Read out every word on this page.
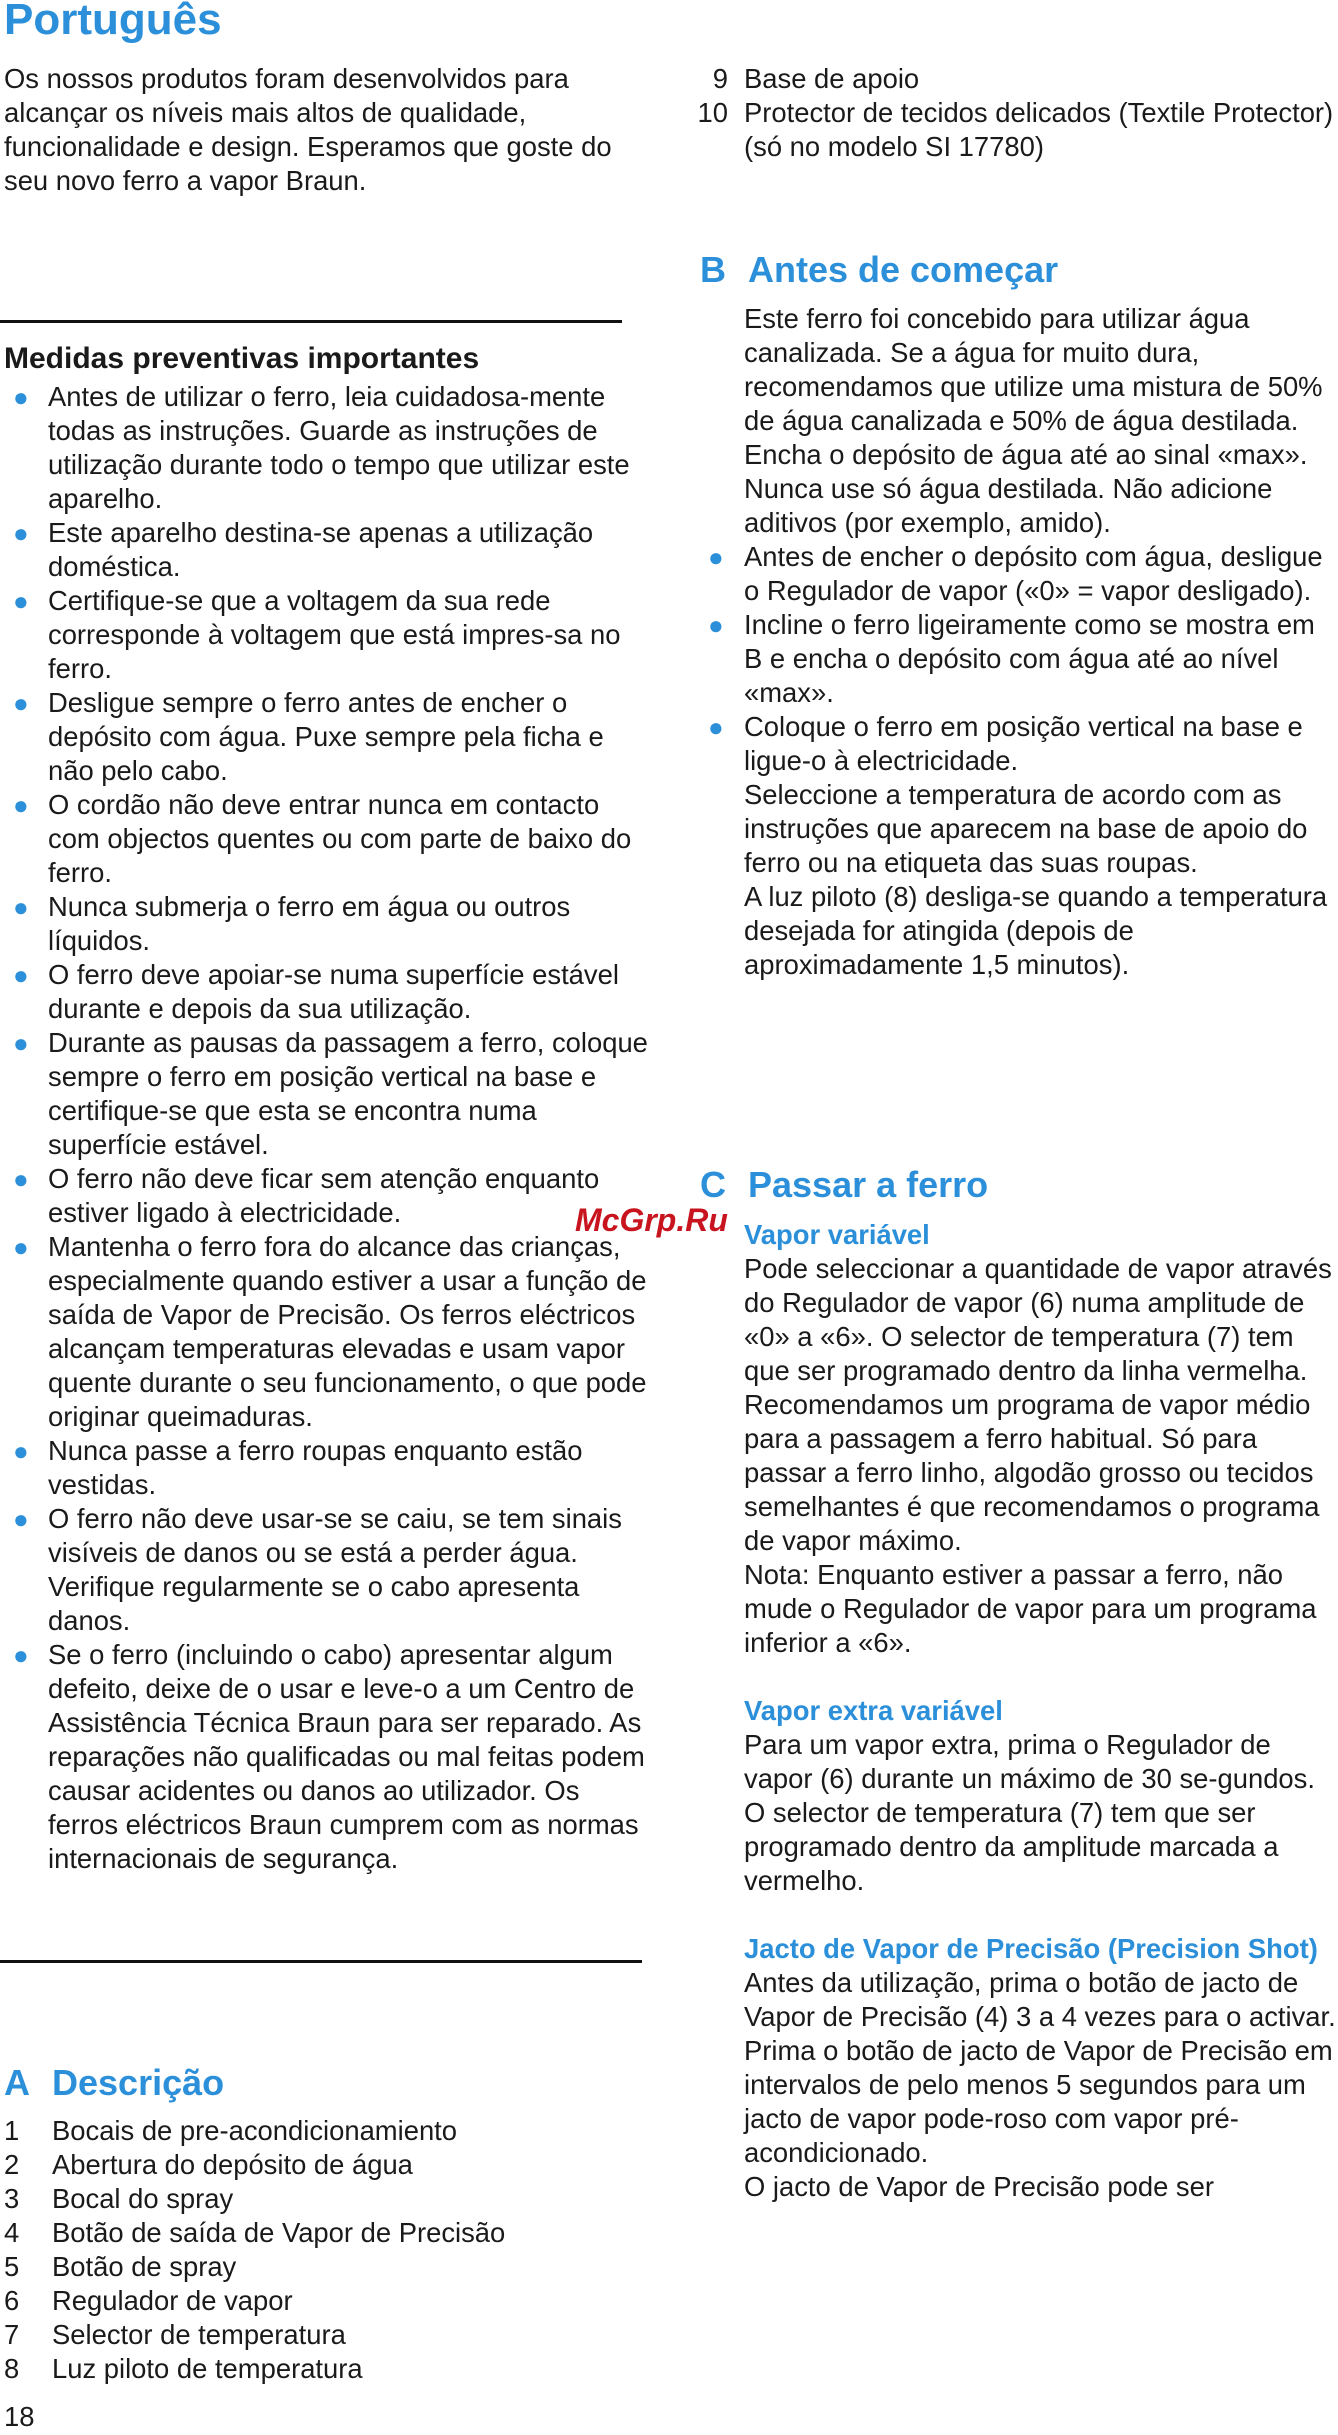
Português
Os nossos produtos foram desenvolvidos para alcançar os níveis mais altos de qualidade, funcionalidade e design. Esperamos que goste do seu novo ferro a vapor Braun.
Medidas preventivas importantes
● Antes de utilizar o ferro, leia cuidadosa-mente todas as instruções. Guarde as instruções de utilização durante todo o tempo que utilizar este aparelho.
● Este aparelho destina-se apenas a utilização doméstica.
● Certifique-se que a voltagem da sua rede corresponde à voltagem que está impres-sa no ferro.
● Desligue sempre o ferro antes de encher o depósito com água. Puxe sempre pela ficha e não pelo cabo.
● O cordão não deve entrar nunca em contacto com objectos quentes ou com parte de baixo do ferro.
● Nunca submerja o ferro em água ou outros líquidos.
● O ferro deve apoiar-se numa superfície estável durante e depois da sua utilização.
● Durante as pausas da passagem a ferro, coloque sempre o ferro em posição vertical na base e certifique-se que esta se encontra numa superfície estável.
● O ferro não deve ficar sem atenção enquanto estiver ligado à electricidade.
● Mantenha o ferro fora do alcance das crianças, especialmente quando estiver a usar a função de saída de Vapor de Precisão. Os ferros eléctricos alcançam temperaturas elevadas e usam vapor quente durante o seu funcionamento, o que pode originar queimaduras.
● Nunca passe a ferro roupas enquanto estão vestidas.
● O ferro não deve usar-se se caiu, se tem sinais visíveis de danos ou se está a perder água. Verifique regularmente se o cabo apresenta danos.
● Se o ferro (incluindo o cabo) apresentar algum defeito, deixe de o usar e leve-o a um Centro de Assistência Técnica Braun para ser reparado. As reparações não qualificadas ou mal feitas podem causar acidentes ou danos ao utilizador. Os ferros eléctricos Braun cumprem com as normas internacionais de segurança.
A Descrição
1	Bocais de pre-acondicionamiento
2	Abertura do depósito de água
3	Bocal do spray
4	Botão de saída de Vapor de Precisão
5	Botão de spray
6	Regulador de vapor
7	Selector de temperatura
8	Luz piloto de temperatura
18
9 Base de apoio
10 Protector de tecidos delicados (Textile Protector) (só no modelo SI 17780)
B Antes de começar
Este ferro foi concebido para utilizar água canalizada. Se a água for muito dura, recomendamos que utilize uma mistura de 50% de água canalizada e 50% de água destilada. Encha o depósito de água até ao sinal «max». Nunca use só água destilada. Não adicione aditivos (por exemplo, amido).
● Antes de encher o depósito com água, desligue o Regulador de vapor («0» = vapor desligado).
● Incline o ferro ligeiramente como se mostra em B e encha o depósito com água até ao nível «max».
● Coloque o ferro em posição vertical na base e ligue-o à electricidade.
Seleccione a temperatura de acordo com as instruções que aparecem na base de apoio do ferro ou na etiqueta das suas roupas.
A luz piloto (8) desliga-se quando a temperatura desejada for atingida (depois de aproximadamente 1,5 minutos).
C Passar a ferro
Vapor variável
Pode seleccionar a quantidade de vapor através do Regulador de vapor (6) numa amplitude de «0» a «6». O selector de temperatura (7) tem que ser programado dentro da linha vermelha.
Recomendamos um programa de vapor médio para a passagem a ferro habitual. Só para passar a ferro linho, algodão grosso ou tecidos semelhantes é que recomendamos o programa de vapor máximo.
Nota: Enquanto estiver a passar a ferro, não mude o Regulador de vapor para um programa inferior a «6».
Vapor extra variável
Para um vapor extra, prima o Regulador de vapor (6) durante un máximo de 30 se-gundos.
O selector de temperatura (7) tem que ser programado dentro da amplitude marcada a vermelho.
Jacto de Vapor de Precisão (Precision Shot)
Antes da utilização, prima o botão de jacto de Vapor de Precisão (4) 3 a 4 vezes para o activar.
Prima o botão de jacto de Vapor de Precisão em intervalos de pelo menos 5 segundos para um jacto de vapor pode-roso com vapor pré-acondicionado.
O jacto de Vapor de Precisão pode ser
McGrp.Ru
